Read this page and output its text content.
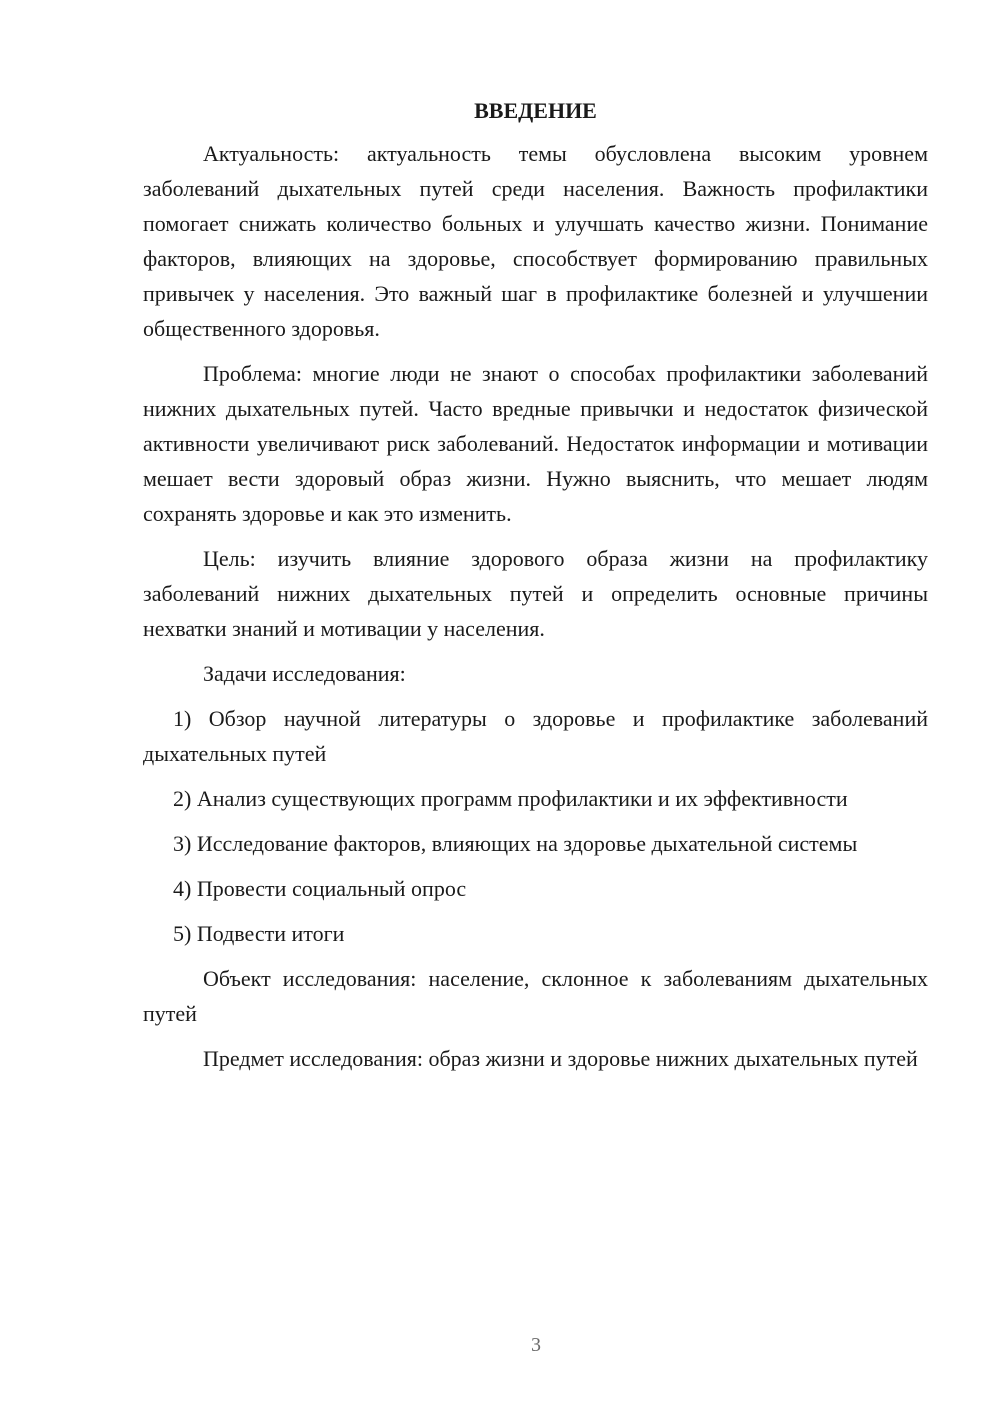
ВВЕДЕНИЕ

Актуальность: актуальность темы обусловлена высоким уровнем заболеваний дыхательных путей среди населения. Важность профилактики помогает снижать количество больных и улучшать качество жизни. Понимание факторов, влияющих на здоровье, способствует формированию правильных привычек у населения. Это важный шаг в профилактике болезней и улучшении общественного здоровья.

Проблема: многие люди не знают о способах профилактики заболеваний нижних дыхательных путей. Часто вредные привычки и недостаток физической активности увеличивают риск заболеваний. Недостаток информации и мотивации мешает вести здоровый образ жизни. Нужно выяснить, что мешает людям сохранять здоровье и как это изменить.

Цель: изучить влияние здорового образа жизни на профилактику заболеваний нижних дыхательных путей и определить основные причины нехватки знаний и мотивации у населения.

Задачи исследования:

1) Обзор научной литературы о здоровье и профилактике заболеваний дыхательных путей

2) Анализ существующих программ профилактики и их эффективности

3) Исследование факторов, влияющих на здоровье дыхательной системы

4) Провести социальный опрос

5) Подвести итоги

Объект исследования: население, склонное к заболеваниям дыхательных путей

Предмет исследования: образ жизни и здоровье нижних дыхательных путей

3
